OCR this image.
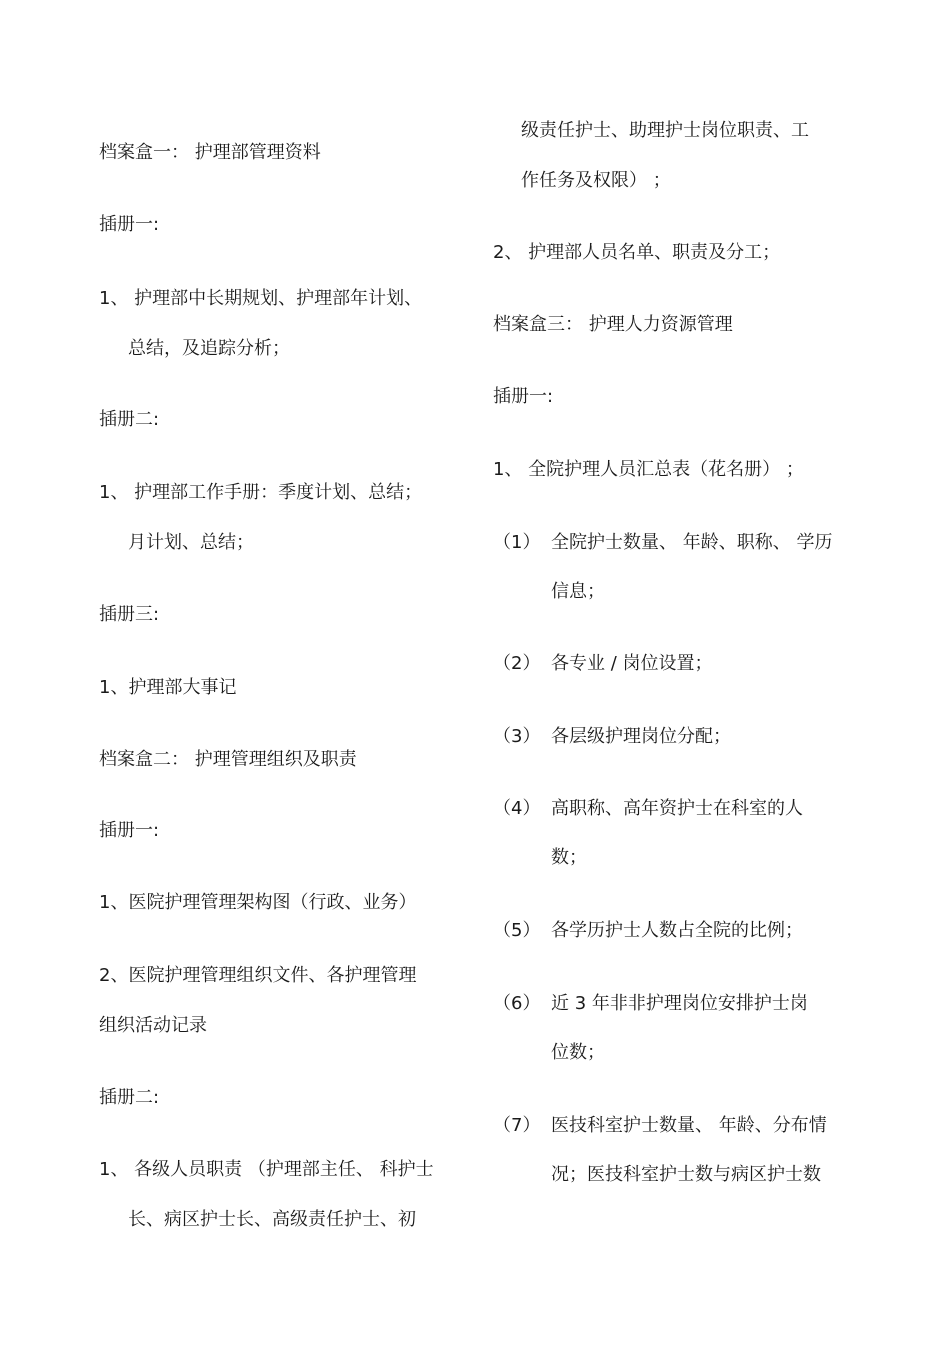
档案盒一： 护理部管理资料
插册一:
1、 护理部中长期规划、护理部年计划、
总结，及追踪分析；
插册二:
1、 护理部工作手册：季度计划、总结；
月计划、总结；
插册三:
1、护理部大事记
档案盒二： 护理管理组织及职责
插册一:
1、医院护理管理架构图（行政、业务）
2、医院护理管理组织文件、各护理管理
组织活动记录
插册二:
1、 各级人员职责 （护理部主任、 科护士
长、病区护士长、高级责任护士、初
级责任护士、助理护士岗位职责、工
作任务及权限） ；
2、 护理部人员名单、职责及分工；
档案盒三： 护理人力资源管理
插册一:
1、 全院护理人员汇总表（花名册） ；
（1） 全院护士数量、 年龄、职称、 学历
信息；
（2） 各专业 / 岗位设置；
（3） 各层级护理岗位分配；
（4） 高职称、高年资护士在科室的人
数；
（5） 各学历护士人数占全院的比例；
（6） 近 3 年非非护理岗位安排护士岗
位数；
（7） 医技科室护士数量、 年龄、分布情
况；医技科室护士数与病区护士数
